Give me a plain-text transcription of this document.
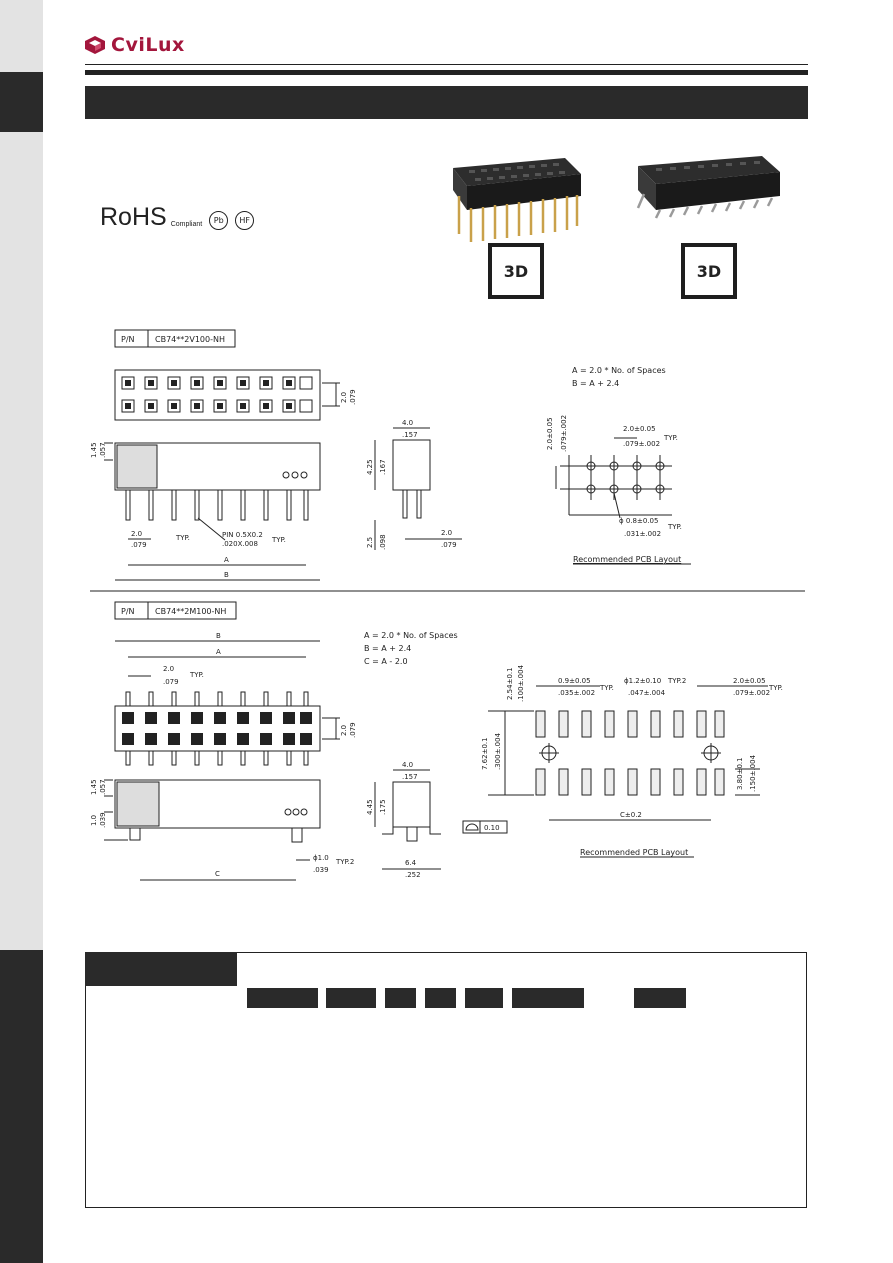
CviLux
RoHS Compliant	Pb	HF
3D	3D
P/N	CB74**2V100-NH
2.0 .079
1.45 .057
2.0
.079
TYP.	PIN 0.5X0.2
.020X.008 TYP.
A
B
4.0
.157
4.25 .167
2.5 .098
2.0
.079
A = 2.0 * No. of Spaces
B = A + 2.4
2.0±0.05 .079±.002	2.0±0.05
.079±.002
TYP.
ϕ 0.8±0.05
.031±.002
TYP.
Recommended PCB Layout
P/N	CB74**2M100-NH
B
A
2.0
.079
TYP.
2.0 .079
1.45 .057
1.0 .039
C
ϕ1.0
.039
TYP.2
4.0
.157
4.45 .175
6.4
.252
0.10
A = 2.0 * No. of Spaces
B = A + 2.4
C = A - 2.0
7.62±0.1 .300±.004
2.54±0.1 .100±.004	0.9±0.05
.035±.002
TYP.
ϕ1.2±0.10
.047±.004
TYP.2	2.0±0.05
.079±.002
TYP.
3.80±0.1 .150±.004
C±0.2
Recommended PCB Layout
